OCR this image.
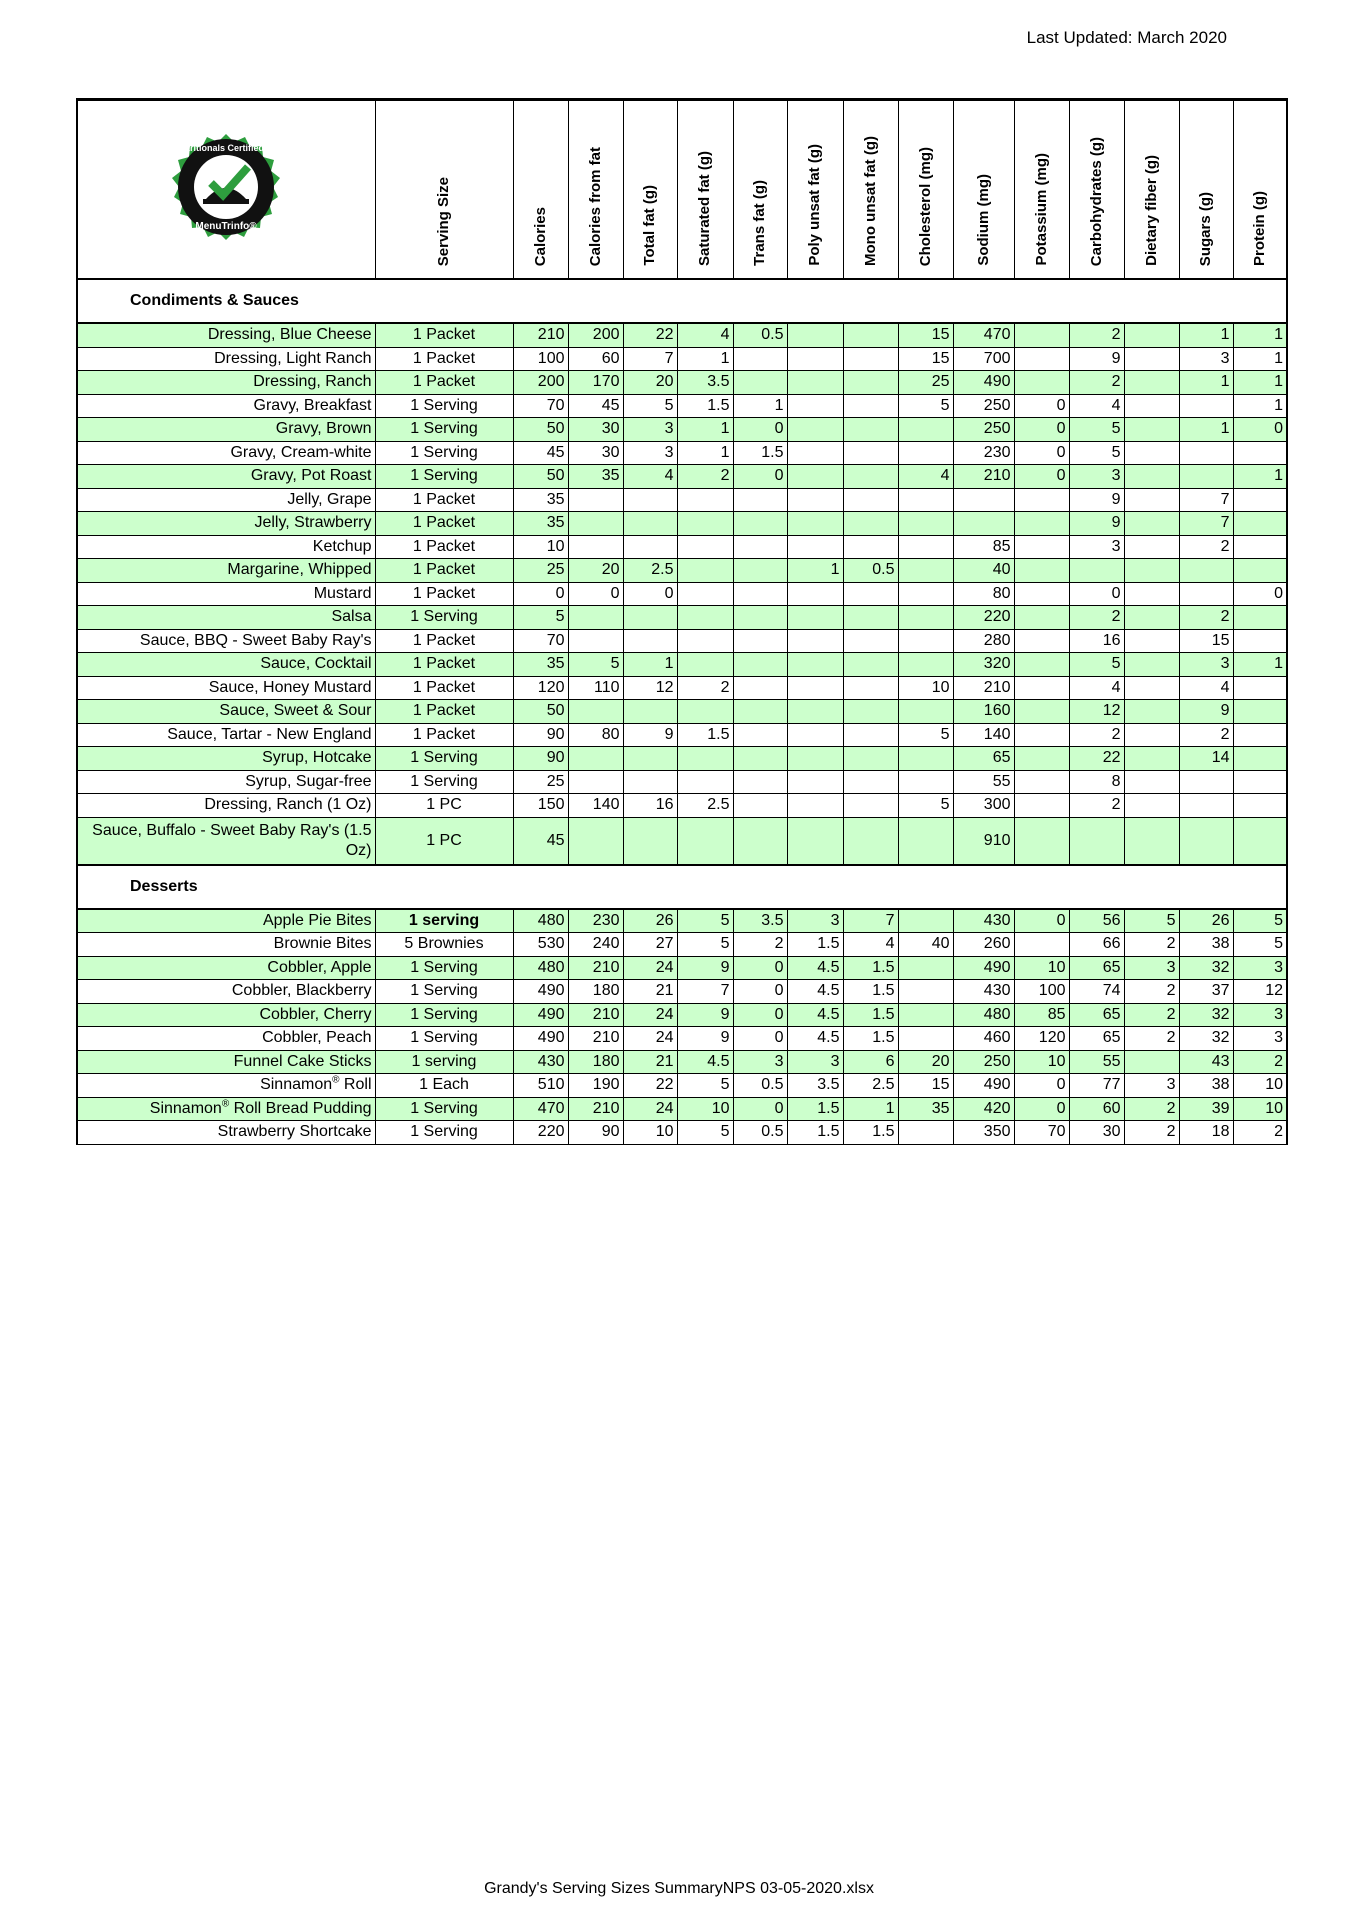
Last Updated: March 2020
Nutritionals Certified by
MenuTrinfo®	Serving Size	Calories	Calories from fat	Total fat (g)	Saturated fat (g)	Trans fat (g)	Poly unsat fat (g)	Mono unsat fat (g)	Cholesterol (mg)	Sodium (mg)	Potassium (mg)	Carbohydrates (g)	Dietary fiber (g)	Sugars (g)	Protein (g)
Condiments & Sauces															
Dressing, Blue Cheese	1 Packet	210	200	22	4	0.5			15	470		2		1	1
Dressing, Light Ranch	1 Packet	100	60	7	1				15	700		9		3	1
Dressing, Ranch	1 Packet	200	170	20	3.5				25	490		2		1	1
Gravy, Breakfast	1 Serving	70	45	5	1.5	1			5	250	0	4			1
Gravy, Brown	1 Serving	50	30	3	1	0				250	0	5		1	0
Gravy, Cream-white	1 Serving	45	30	3	1	1.5				230	0	5			
Gravy, Pot Roast	1 Serving	50	35	4	2	0			4	210	0	3			1
Jelly, Grape	1 Packet	35										9		7	
Jelly, Strawberry	1 Packet	35										9		7	
Ketchup	1 Packet	10								85		3		2	
Margarine, Whipped	1 Packet	25	20	2.5			1	0.5		40					
Mustard	1 Packet	0	0	0						80		0			0
Salsa	1 Serving	5								220		2		2	
Sauce, BBQ - Sweet Baby Ray's	1 Packet	70								280		16		15	
Sauce, Cocktail	1 Packet	35	5	1						320		5		3	1
Sauce, Honey Mustard	1 Packet	120	110	12	2				10	210		4		4	
Sauce, Sweet & Sour	1 Packet	50								160		12		9	
Sauce, Tartar - New England	1 Packet	90	80	9	1.5				5	140		2		2	
Syrup, Hotcake	1 Serving	90								65		22		14	
Syrup, Sugar-free	1 Serving	25								55		8			
Dressing, Ranch (1 Oz)	1 PC	150	140	16	2.5				5	300		2			
Sauce, Buffalo - Sweet Baby Ray's (1.5 Oz)	1 PC	45								910					
Desserts															
Apple Pie Bites	1 serving	480	230	26	5	3.5	3	7		430	0	56	5	26	5
Brownie Bites	5 Brownies	530	240	27	5	2	1.5	4	40	260		66	2	38	5
Cobbler, Apple	1 Serving	480	210	24	9	0	4.5	1.5		490	10	65	3	32	3
Cobbler, Blackberry	1 Serving	490	180	21	7	0	4.5	1.5		430	100	74	2	37	12
Cobbler, Cherry	1 Serving	490	210	24	9	0	4.5	1.5		480	85	65	2	32	3
Cobbler, Peach	1 Serving	490	210	24	9	0	4.5	1.5		460	120	65	2	32	3
Funnel Cake Sticks	1 serving	430	180	21	4.5	3	3	6	20	250	10	55		43	2
Sinnamon® Roll	1 Each	510	190	22	5	0.5	3.5	2.5	15	490	0	77	3	38	10
Sinnamon® Roll Bread Pudding	1 Serving	470	210	24	10	0	1.5	1	35	420	0	60	2	39	10
Strawberry Shortcake	1 Serving	220	90	10	5	0.5	1.5	1.5		350	70	30	2	18	2
Grandy's Serving Sizes SummaryNPS 03-05-2020.xlsx
